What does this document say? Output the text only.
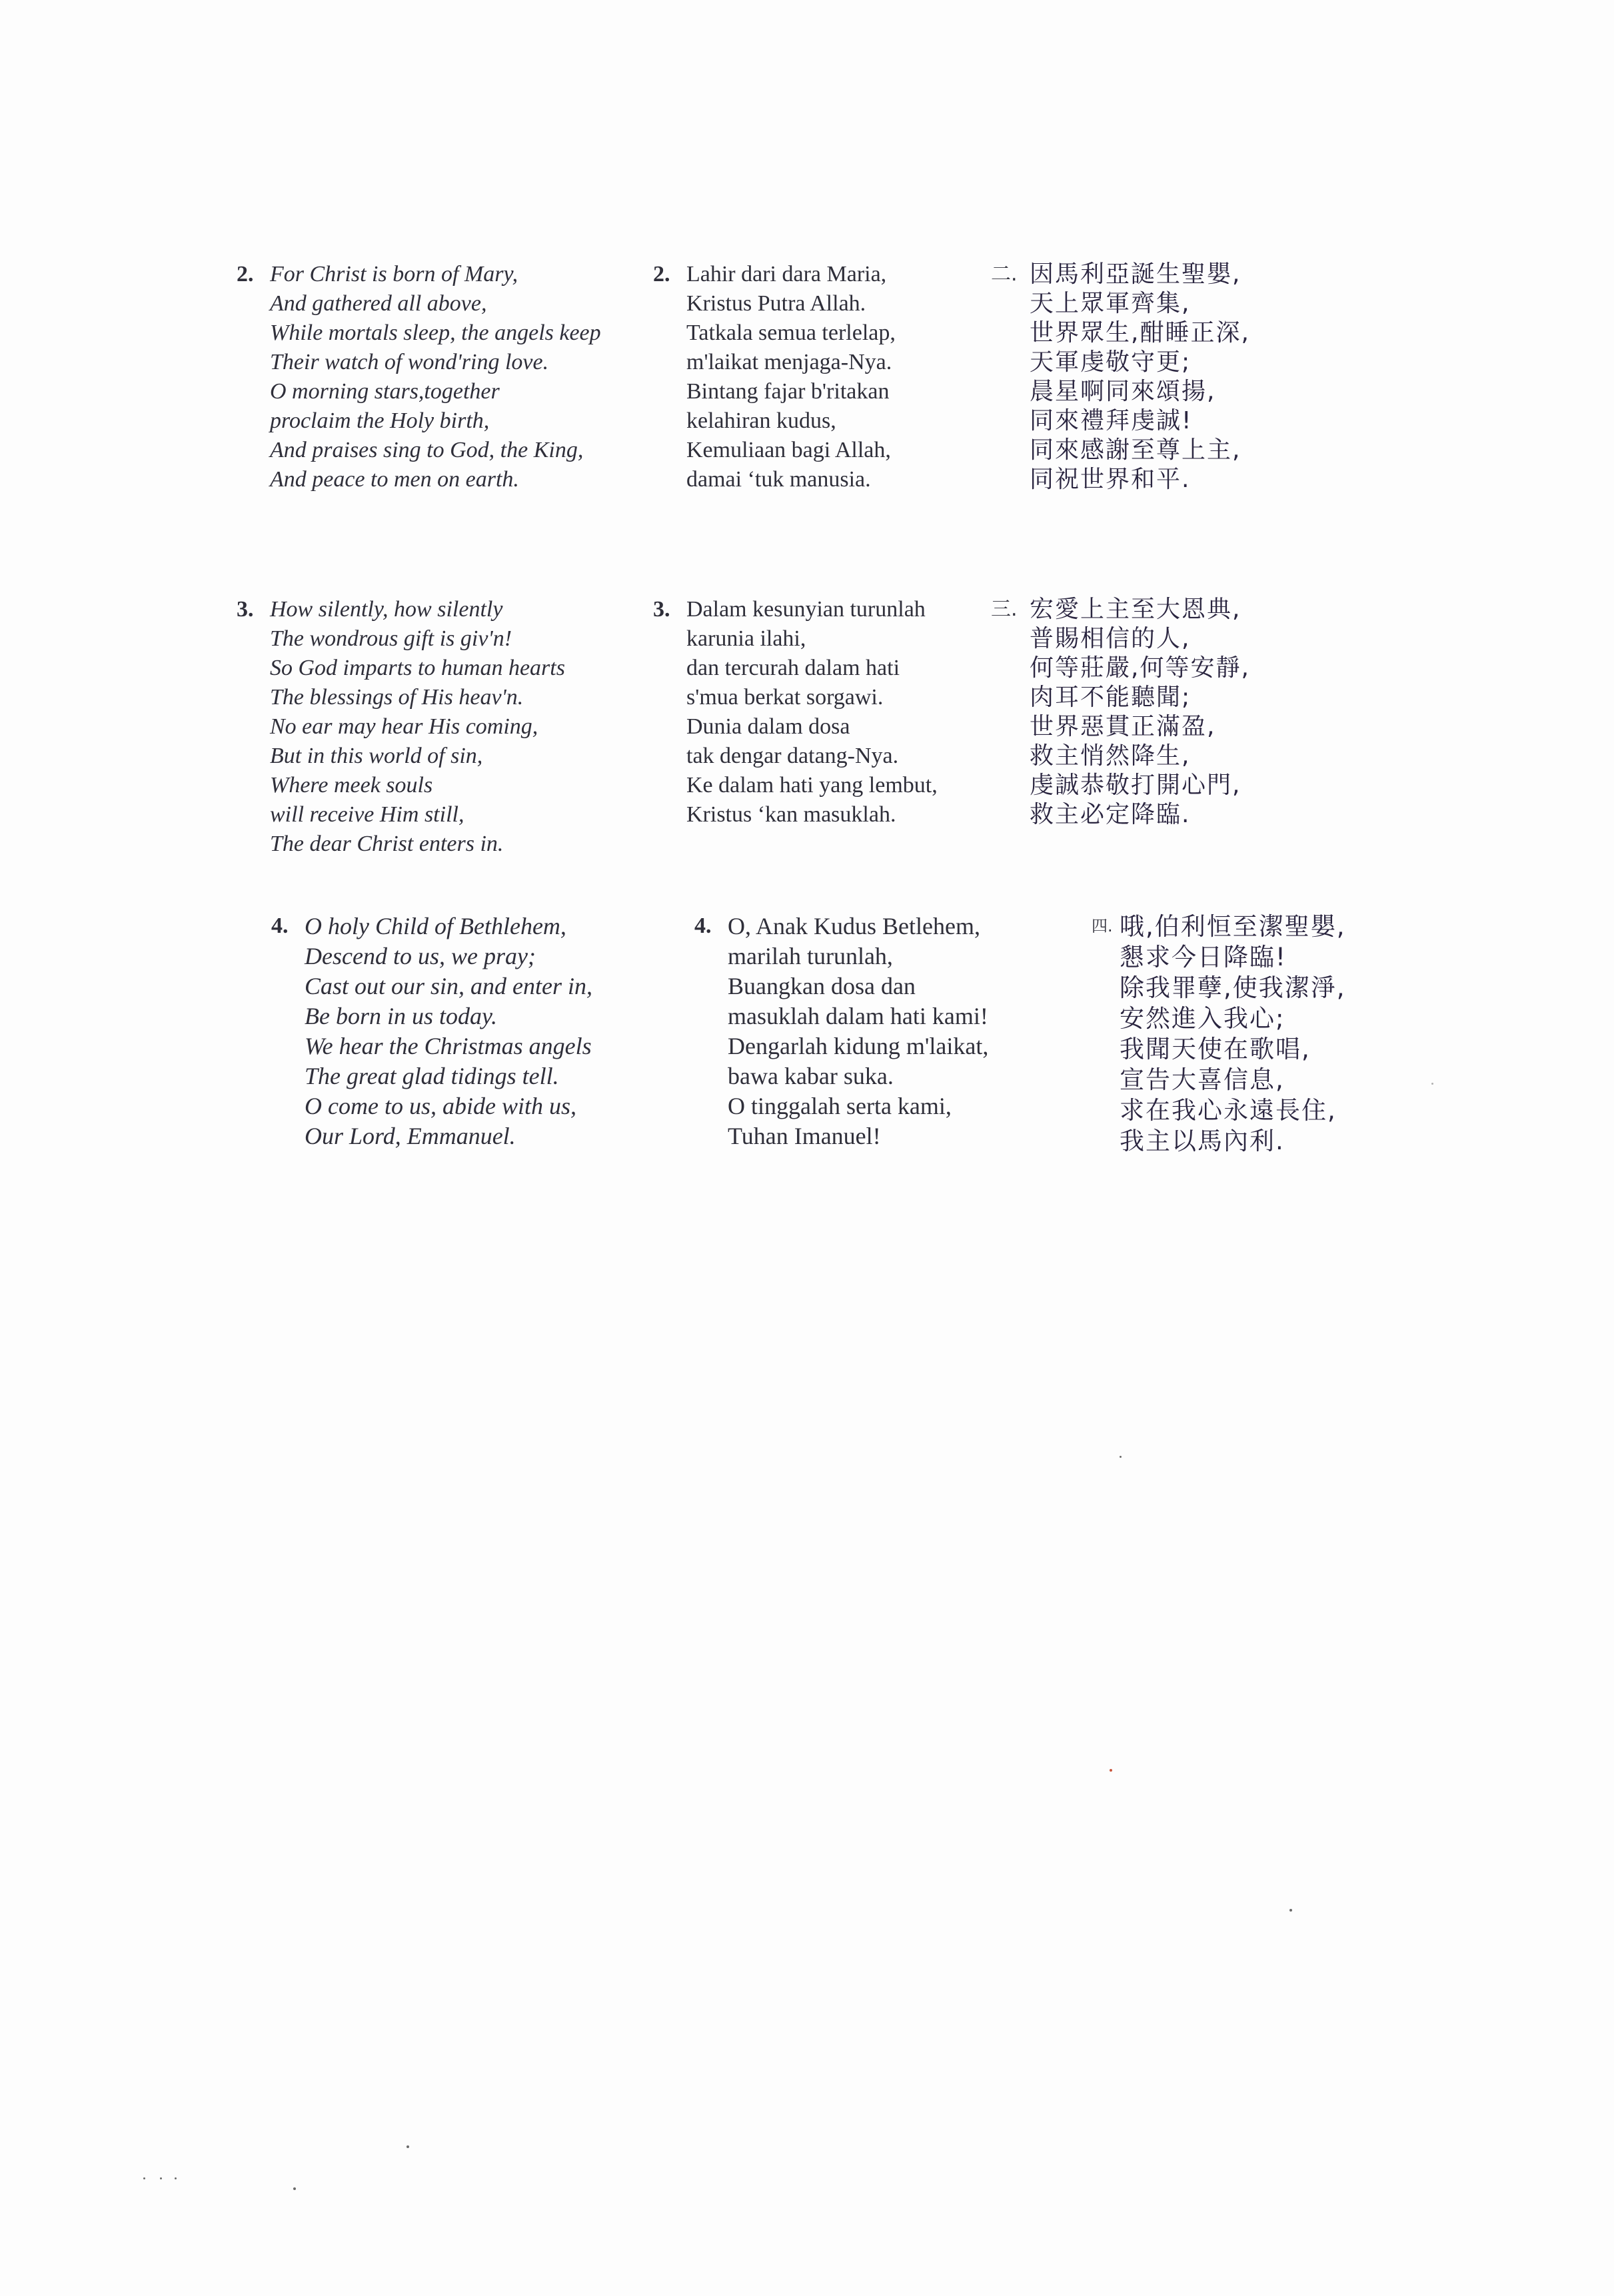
2. For Christ is born of Mary,
And gathered all above,
While mortals sleep, the angels keep
Their watch of wond'ring love.
O morning stars,together
proclaim the Holy birth,
And praises sing to God, the King,
And peace to men on earth.
2. Lahir dari dara Maria,
Kristus Putra Allah.
Tatkala semua terlelap,
m'laikat menjaga-Nya.
Bintang fajar b'ritakan
kelahiran kudus,
Kemuliaan bagi Allah,
damai ‘tuk manusia.
二. 因馬利亞誕生聖嬰,
天上眾軍齊集,
世界眾生,酣睡正深,
天軍虔敬守更;
晨星啊同來頌揚,
同來禮拜虔誠!
同來感謝至尊上主,
同祝世界和平.
3. How silently, how silently
The wondrous gift is giv'n!
So God imparts to human hearts
The blessings of His heav'n.
No ear may hear His coming,
But in this world of sin,
Where meek souls
will receive Him still,
The dear Christ enters in.
3. Dalam kesunyian turunlah
karunia ilahi,
dan tercurah dalam hati
s'mua berkat sorgawi.
Dunia dalam dosa
tak dengar datang-Nya.
Ke dalam hati yang lembut,
Kristus ‘kan masuklah.
三. 宏愛上主至大恩典,
普賜相信的人,
何等莊嚴,何等安靜,
肉耳不能聽聞;
世界惡貫正滿盈,
救主悄然降生,
虔誠恭敬打開心門,
救主必定降臨.
4. O holy Child of Bethlehem,
Descend to us, we pray;
Cast out our sin, and enter in,
Be born in us today.
We hear the Christmas angels
The great glad tidings tell.
O come to us, abide with us,
Our Lord, Emmanuel.
4. O, Anak Kudus Betlehem,
marilah turunlah,
Buangkan dosa dan
masuklah dalam hati kami!
Dengarlah kidung m'laikat,
bawa kabar suka.
O tinggalah serta kami,
Tuhan Imanuel!
四. 哦,伯利恒至潔聖嬰,
懇求今日降臨!
除我罪孽,使我潔淨,
安然進入我心;
我聞天使在歌唱,
宣告大喜信息,
求在我心永遠長住,
我主以馬內利.
